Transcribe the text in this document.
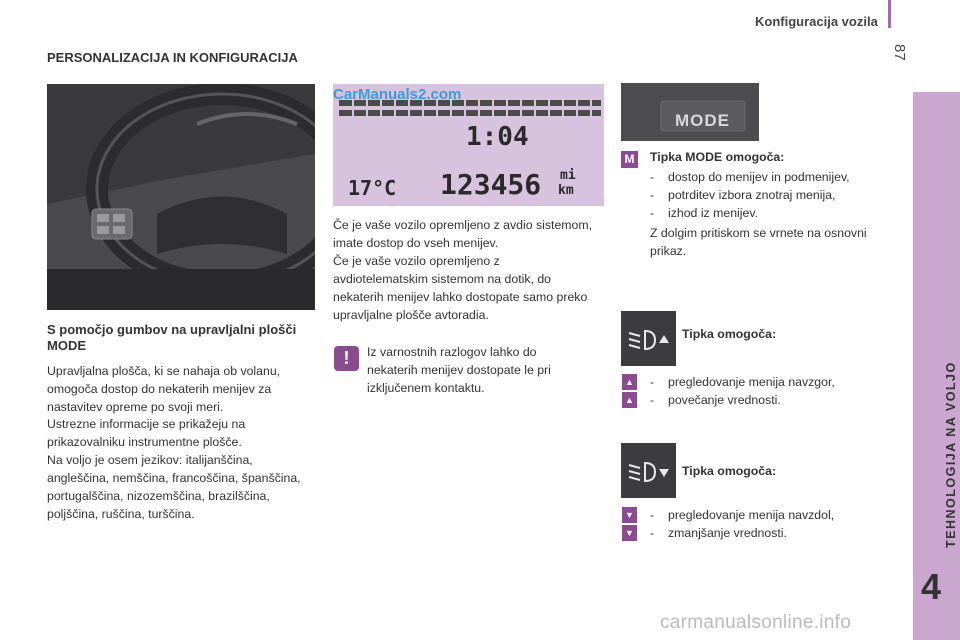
Konfiguracija vozila
87
TEHNOLOGIJA NA VOLJO
4
PERSONALIZACIJA IN KONFIGURACIJA
1:04
17°C 123456 mi
km
CarManuals2.com
S pomočjo gumbov na upravljalni plošči MODE

Upravljalna plošča, ki se nahaja ob volanu, omogoča dostop do nekaterih menijev za nastavitev opreme po svoji meri.

Ustrezne informacije se prikažeju na prikazovalniku instrumentne plošče.

Na voljo je osem jezikov: italijanščina, angleščina, nemščina, francoščina, španščina, portugalščina, nizozemščina, brazilščina, poljščina, ruščina, turščina.

Če je vaše vozilo opremljeno z avdio sistemom, imate dostop do vseh menijev.

Če je vaše vozilo opremljeno z avdiotelematskim sistemom na dotik, do nekaterih menijev lahko dostopate samo preko upravljalne plošče avtoradia.

!	Iz varnostnih razlogov lahko do nekaterih menijev dostopate le pri izključenem kontaktu.

MODE
M Tipka MODE omogoča:
- dostop do menijev in podmenijev,
- potrditev izbora znotraj menija,
- izhod iz menijev.

Z dolgim pritiskom se vrnete na osnovni prikaz.

Tipka omogoča:
▲
▲
- pregledovanje menija navzgor,
- povečanje vrednosti.
Tipka omogoča:
▼
▼
- pregledovanje menija navzdol,
- zmanjšanje vrednosti.
carmanualsonline.info
